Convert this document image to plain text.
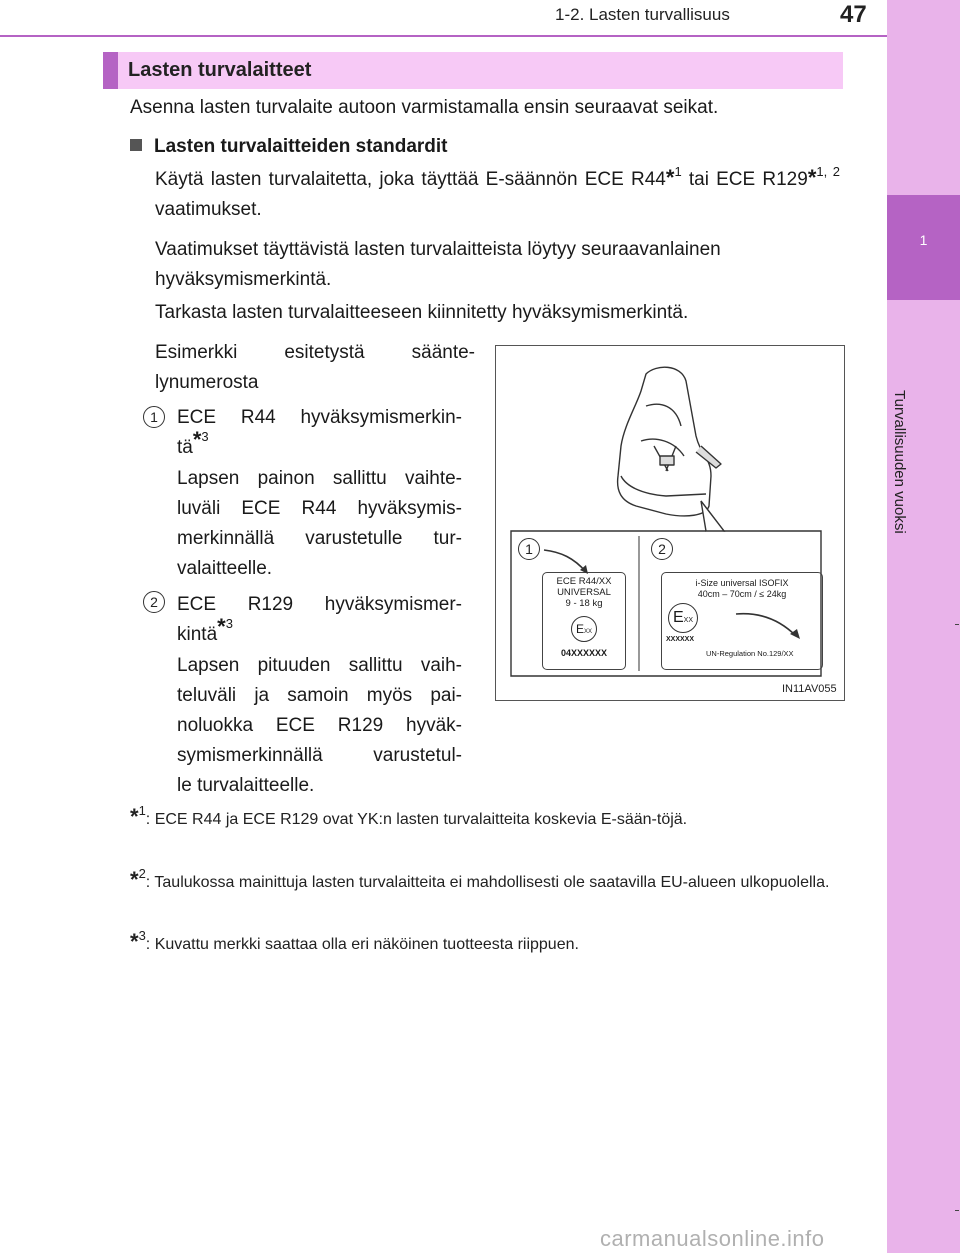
1
Turvallisuuden vuoksi
1-2. Lasten turvallisuus	47
Lasten turvalaitteet
Asenna lasten turvalaite autoon varmistamalla ensin seuraavat seikat.
Lasten turvalaitteiden standardit
Käytä lasten turvalaitetta, joka täyttää E-säännön ECE R44*$^1$ tai ECE R129*$^{1, 2}$ vaatimukset.
Vaatimukset täyttävistä lasten turvalaitteista löytyy seuraavanlainen hyväksymismerkintä.
Tarkasta lasten turvalaitteeseen kiinnitetty hyväksymismerkintä.
Esimerkki esitetystä säänte-
lynumerosta
1	ECE R44 hyväksymismerkin-
tä*$^3$
Lapsen painon sallittu vaihte-
luväli ECE R44 hyväksymis-
merkinnällä varustetulle tur-
valaitteelle.
2	ECE R129 hyväksymismer-
kintä*$^3$
Lapsen pituuden sallittu vaih-
teluväli ja samoin myös pai-
noluokka ECE R129 hyväk-
symismerkinnällä varustetul-
le turvalaitteelle.
1	2
ECE R44/XX
UNIVERSAL
9 - 18 kg
EXX
04XXXXXX
i-Size universal ISOFIX
40cm – 70cm / ≤ 24kg
EXX
XXXXXX
UN-Regulation No.129/XX
IN11AV055
*$^1$: ECE R44 ja ECE R129 ovat YK:n lasten turvalaitteita koskevia E-sään-töjä.
*$^2$: Taulukossa mainittuja lasten turvalaitteita ei mahdollisesti ole saatavilla EU-alueen ulkopuolella.
*$^3$: Kuvattu merkki saattaa olla eri näköinen tuotteesta riippuen.
carmanualsonline.info
